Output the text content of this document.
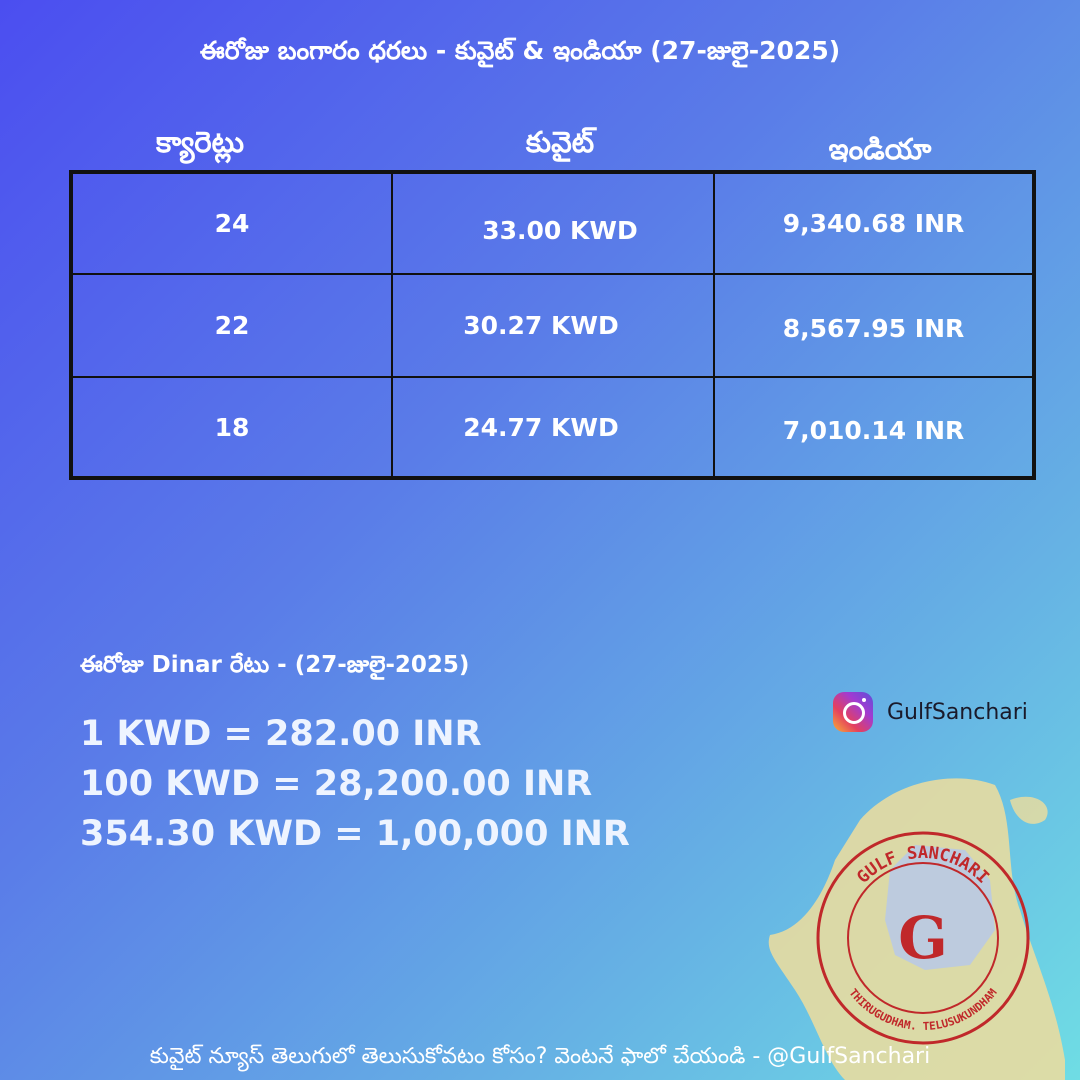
ఈరోజు బంగారం ధరలు - కువైట్ & ఇండియా (27-జులై-2025)
క్యారెట్లు	కువైట్	ఇండియా
24	33.00 KWD	9,340.68 INR
22	30.27 KWD	8,567.95 INR
18	24.77 KWD	7,010.14 INR
ఈరోజు Dinar రేటు - (27-జులై-2025)
1 KWD = 282.00 INR
100 KWD = 28,200.00 INR
354.30 KWD = 1,00,000 INR
GulfSanchari
GULF SANCHARI
THIRUGUDHAM. TELUSUKUNDHAM
G
కువైట్ న్యూస్ తెలుగులో తెలుసుకోవటం కోసం? వెంటనే ఫాలో చేయండి - @GulfSanchari
